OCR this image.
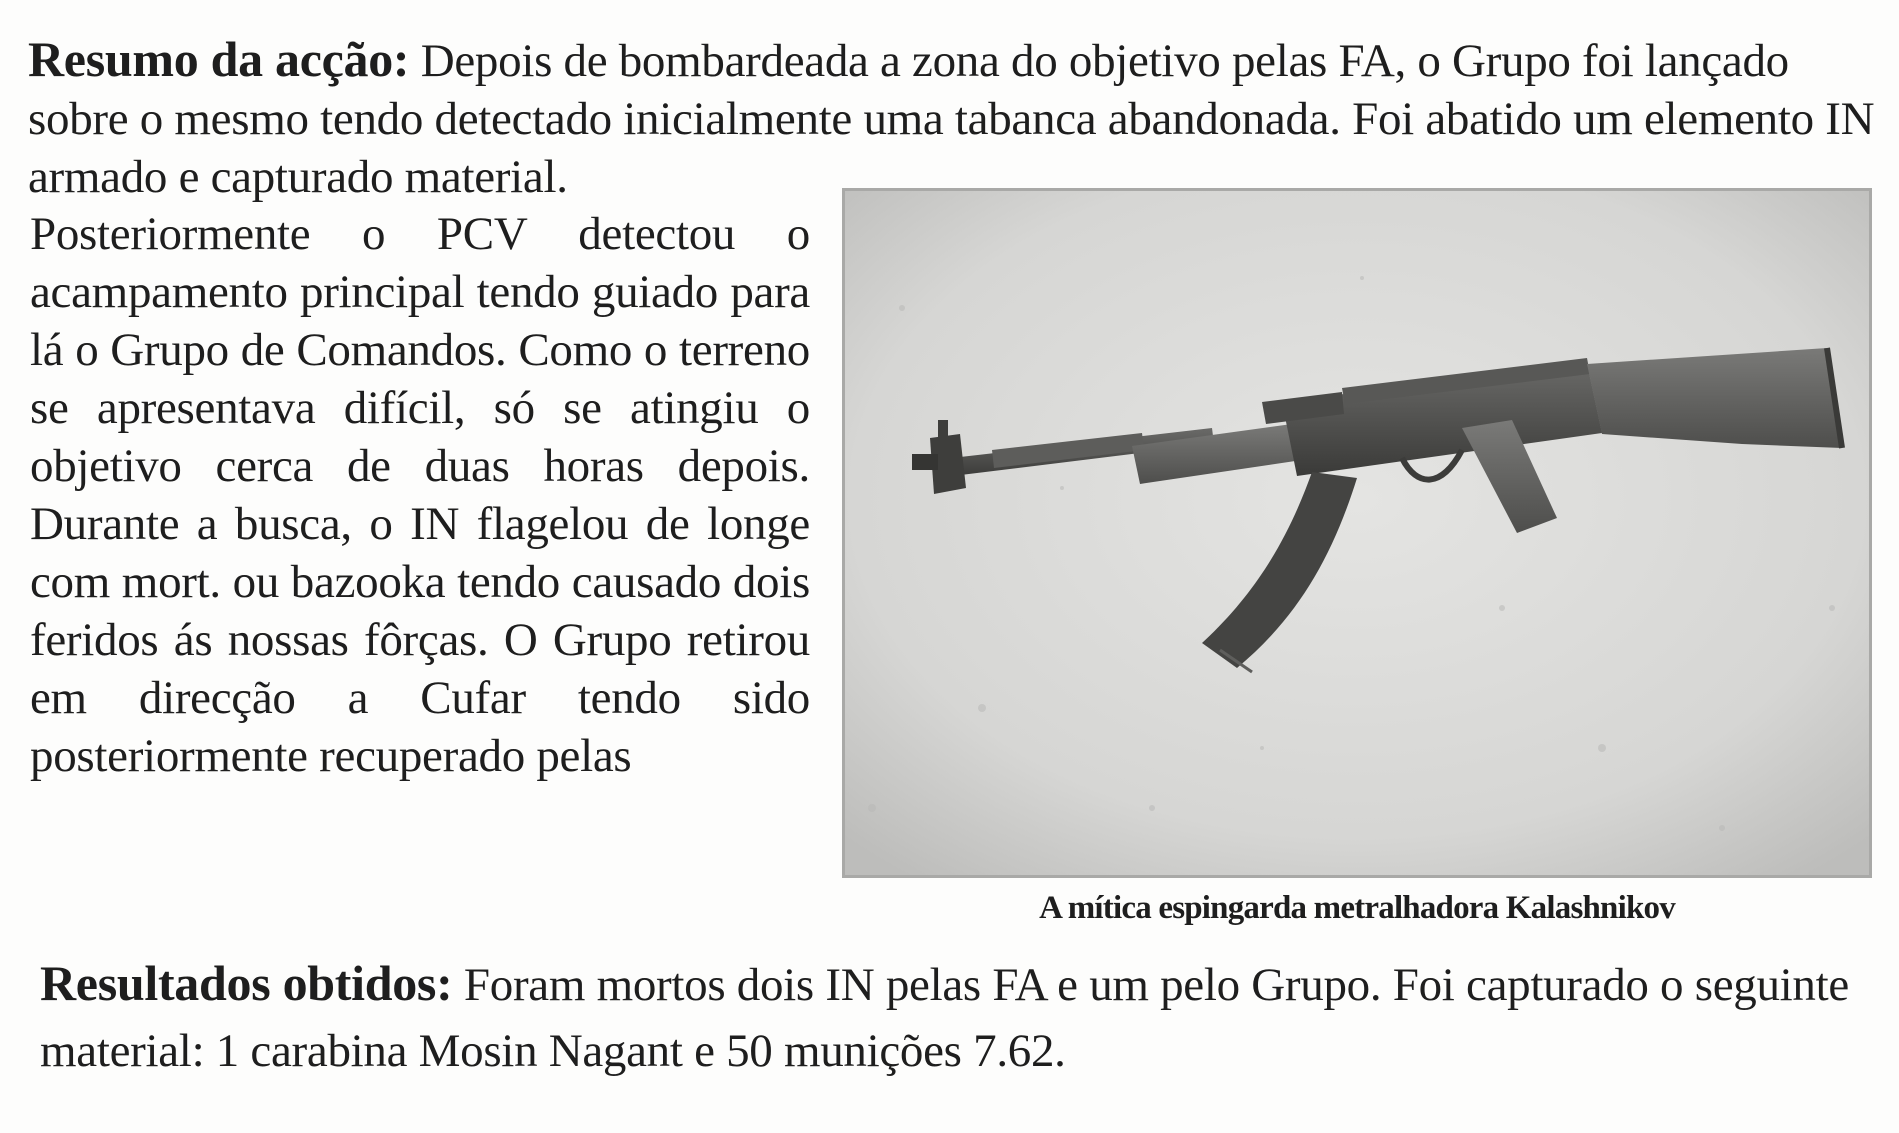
Resumo da acção: Depois de bombardeada a zona do objetivo pelas FA, o Grupo foi lançado sobre o mesmo tendo detectado inicialmente uma tabanca abandonada. Foi abatido um elemento IN armado e capturado material.
Posteriormente o PCV detectou o acampamento principal tendo guiado para lá o Grupo de Comandos. Como o terreno se apresentava difícil, só se atingiu o objetivo cerca de duas horas depois. Durante a busca, o IN flagelou de longe com mort. ou bazooka tendo causado dois feridos ás nossas fôrças. O Grupo retirou em direcção a Cufar tendo sido posteriormente recuperado pelas
A mítica espingarda metralhadora Kalashnikov
Resultados obtidos: Foram mortos dois IN pelas FA e um pelo Grupo. Foi capturado o seguinte material: 1 carabina Mosin Nagant e 50 munições 7.62.
